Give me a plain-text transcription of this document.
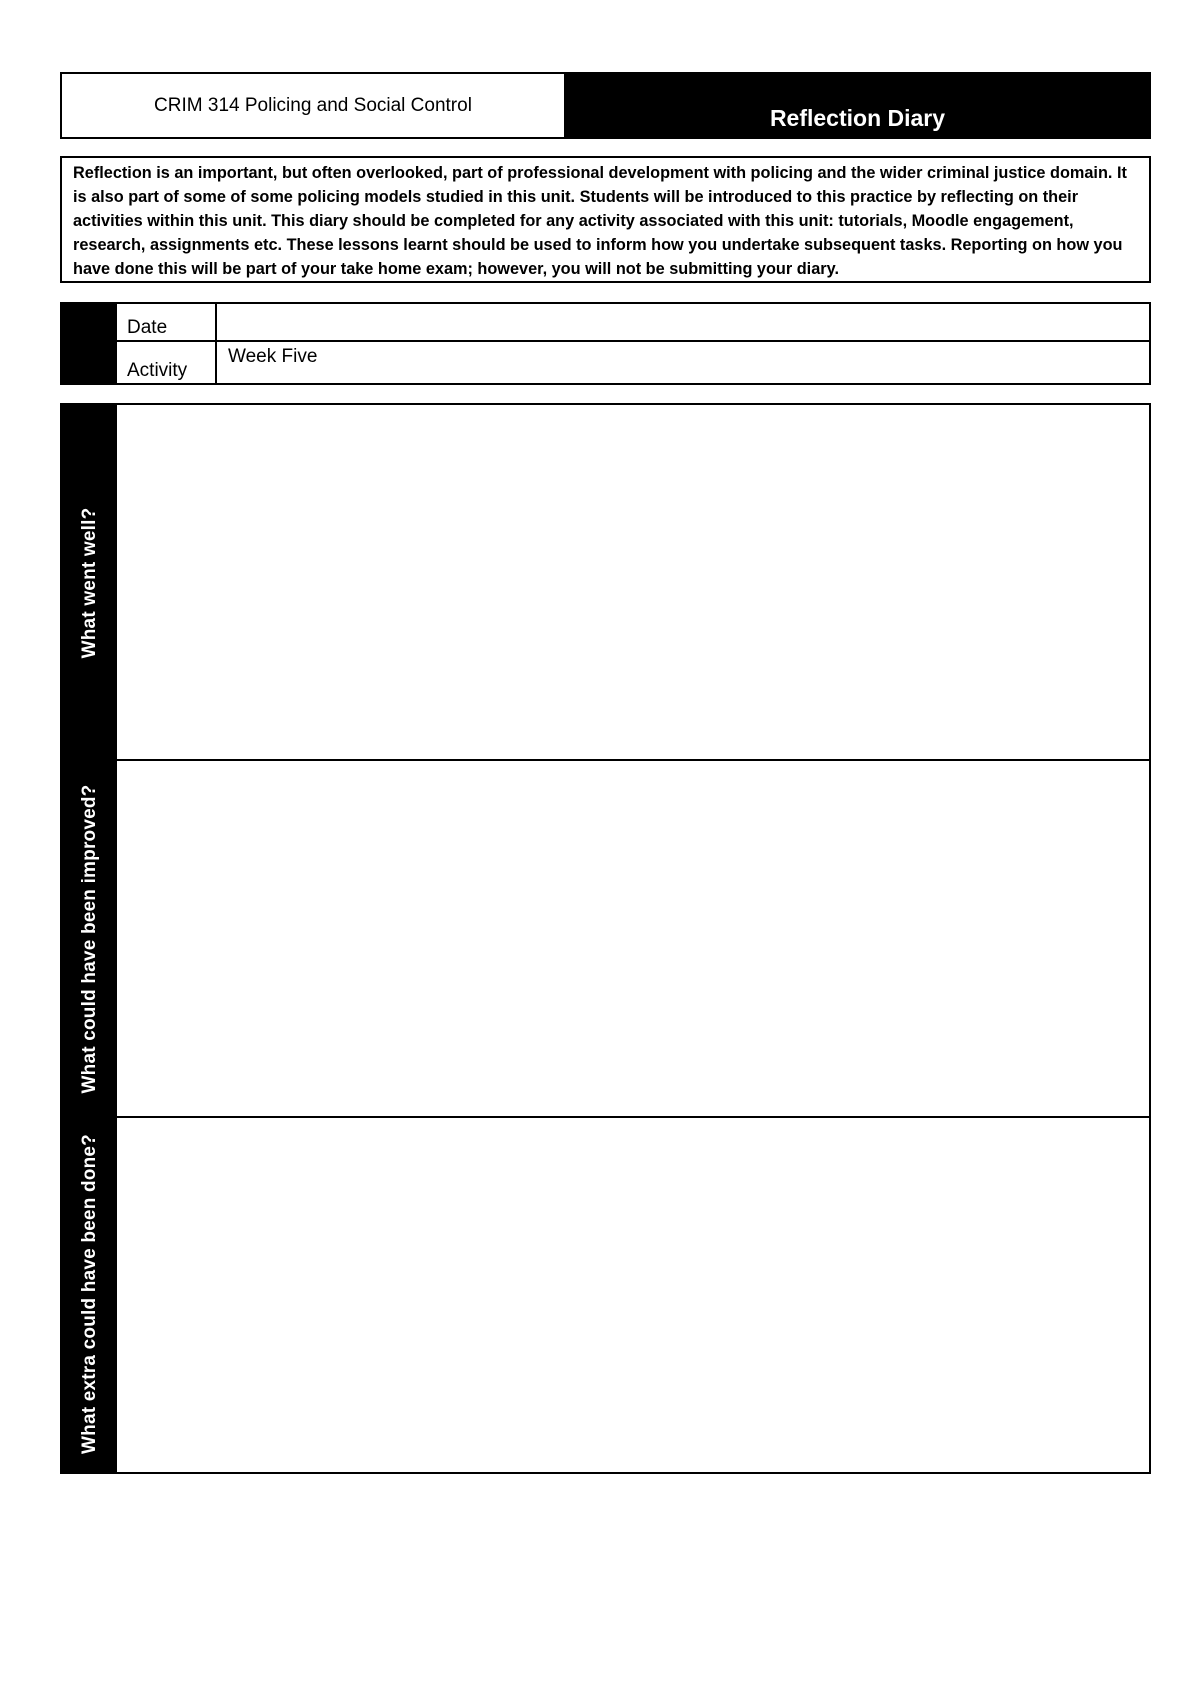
CRIM 314 Policing and Social Control	Reflection Diary
Reflection is an important, but often overlooked, part of professional development with policing and the wider criminal justice domain. It is also part of some of some policing models studied in this unit. Students will be introduced to this practice by reflecting on their activities within this unit. This diary should be completed for any activity associated with this unit: tutorials, Moodle engagement, research, assignments etc. These lessons learnt should be used to inform how you undertake subsequent tasks. Reporting on how you have done this will be part of your take home exam; however, you will not be submitting your diary.
Date
Activity
Week Five
What went well?
What could have been improved?
What extra could have been done?
